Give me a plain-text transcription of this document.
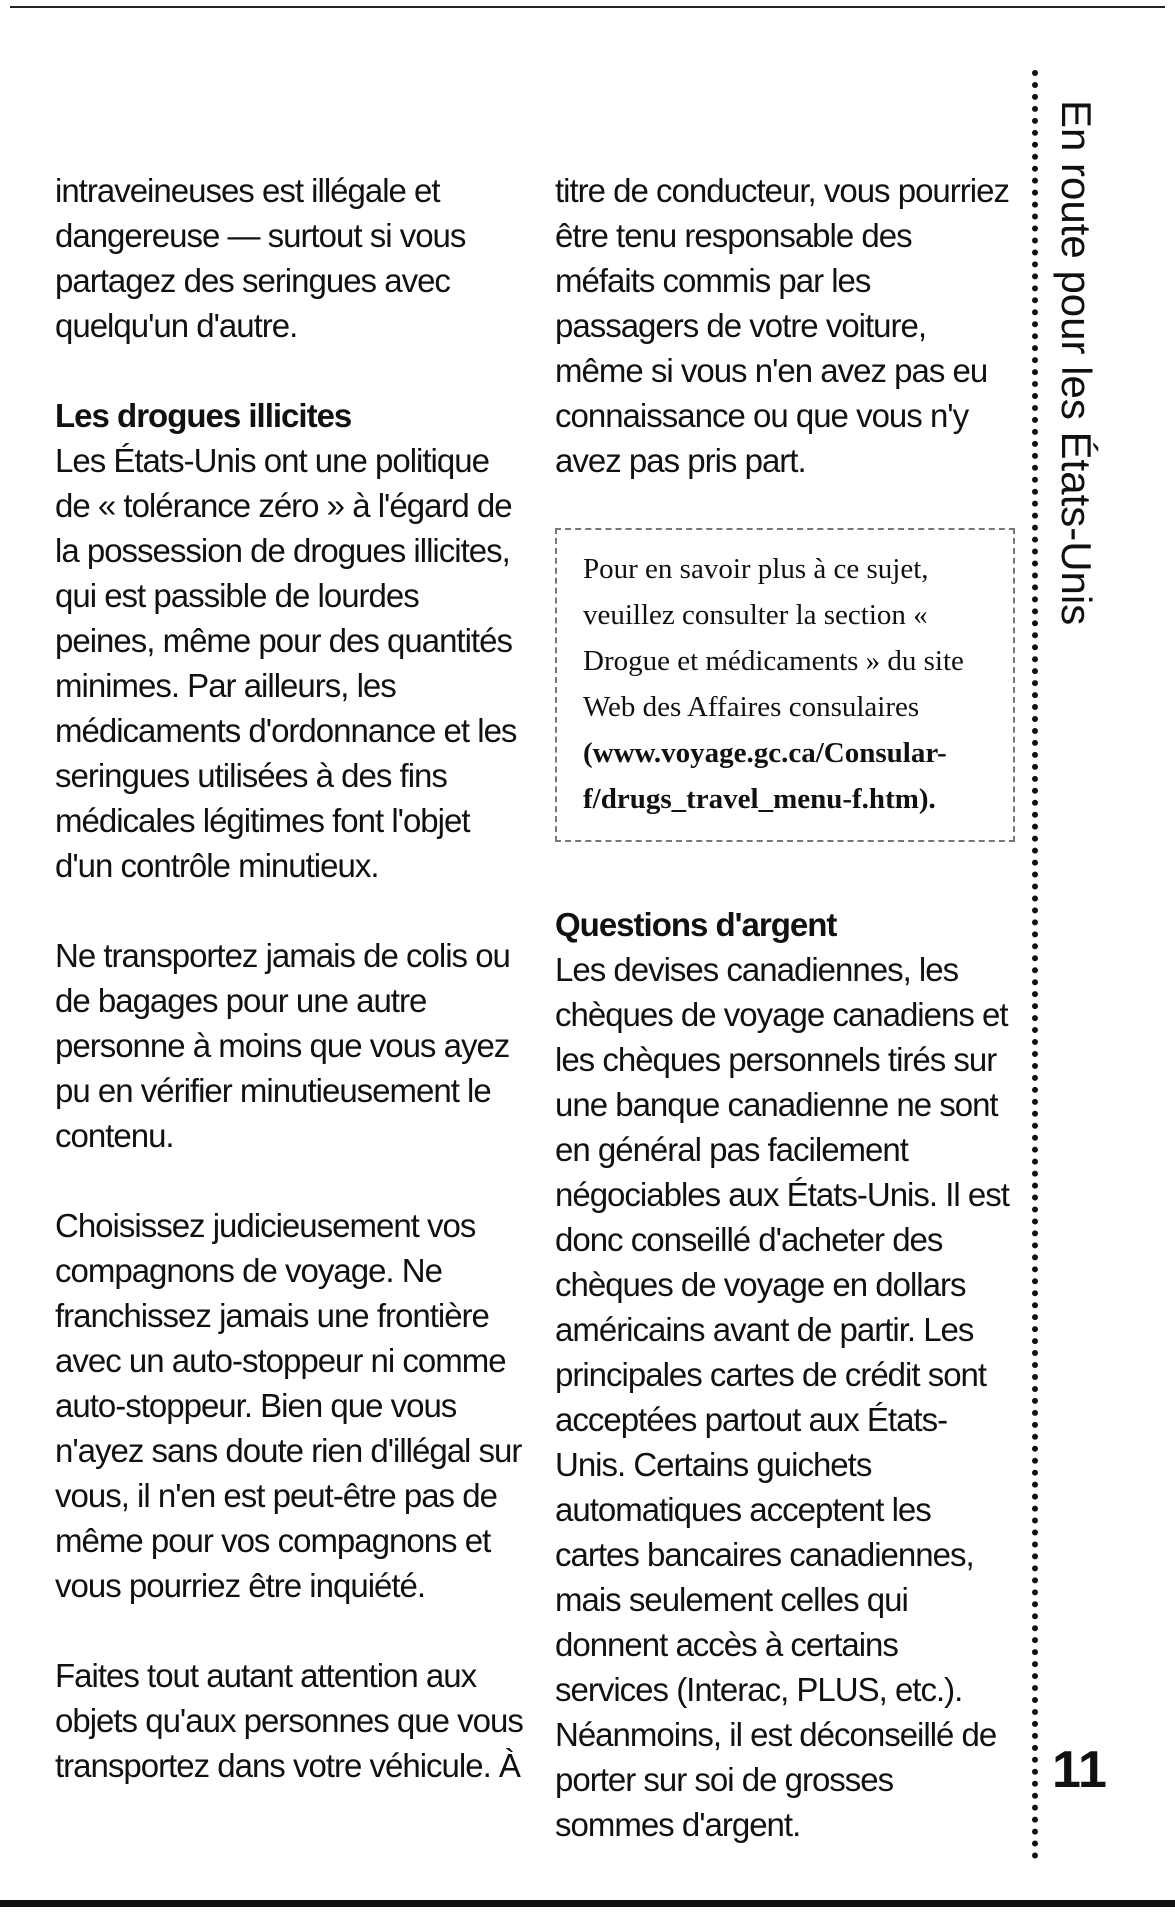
intraveineuses est illégale et dangereuse — surtout si vous partagez des seringues avec quelqu'un d'autre.

Les drogues illicites
Les États-Unis ont une politique de « tolérance zéro » à l'égard de la possession de drogues illicites, qui est passible de lourdes peines, même pour des quantités minimes. Par ailleurs, les médicaments d'ordonnance et les seringues utilisées à des fins médicales légitimes font l'objet d'un contrôle minutieux.

Ne transportez jamais de colis ou de bagages pour une autre personne à moins que vous ayez pu en vérifier minutieusement le contenu.

Choisissez judicieusement vos compagnons de voyage. Ne franchissez jamais une frontière avec un auto-stoppeur ni comme auto-stoppeur. Bien que vous n'ayez sans doute rien d'illégal sur vous, il n'en est peut-être pas de même pour vos compagnons et vous pourriez être inquiété.

Faites tout autant attention aux objets qu'aux personnes que vous transportez dans votre véhicule. À

titre de conducteur, vous pourriez être tenu responsable des méfaits commis par les passagers de votre voiture, même si vous n'en avez pas eu connaissance ou que vous n'y avez pas pris part.

Pour en savoir plus à ce sujet, veuillez consulter la section « Drogue et médicaments » du site Web des Affaires consulaires (www.voyage.gc.ca/Consular-f/drugs_travel_menu-f.htm).
Questions d'argent
Les devises canadiennes, les chèques de voyage canadiens et les chèques personnels tirés sur une banque canadienne ne sont en général pas facilement négociables aux États-Unis. Il est donc conseillé d'acheter des chèques de voyage en dollars américains avant de partir. Les principales cartes de crédit sont acceptées partout aux États-Unis. Certains guichets automatiques acceptent les cartes bancaires canadiennes, mais seulement celles qui donnent accès à certains services (Interac, PLUS, etc.). Néanmoins, il est déconseillé de porter sur soi de grosses sommes d'argent.
En route pour les États-Unis
11
